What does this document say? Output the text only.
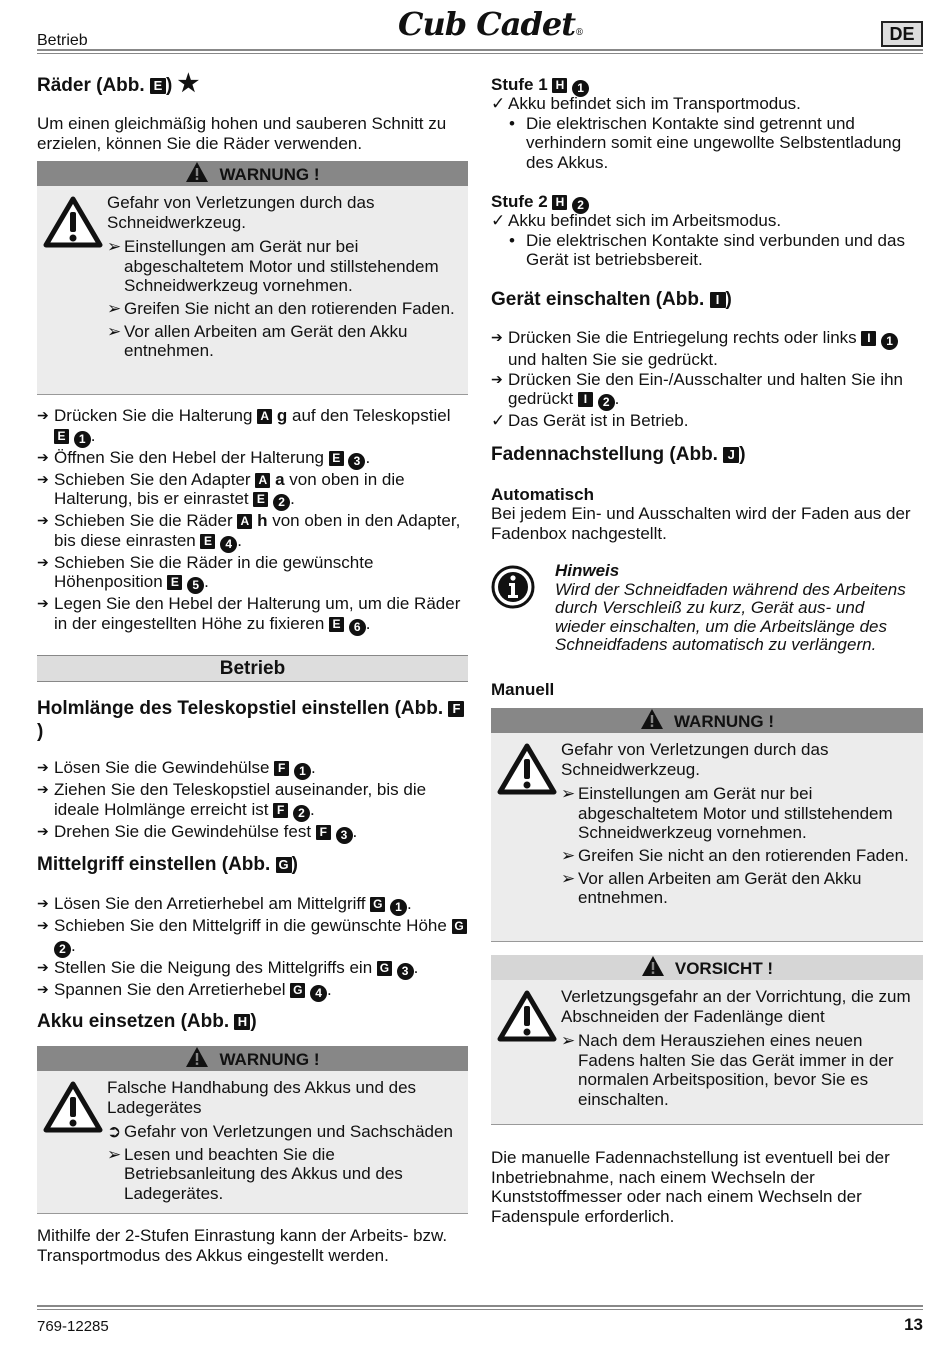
Betrieb	Cub Cadet®	DE
Räder (Abb. E ) ★

Um einen gleichmäßig hohen und sauberen Schnitt zu erzielen, können Sie die Räder verwenden.

WARNUNG !
Gefahr von Verletzungen durch das Schneidwerkzeug.
➢ Einstellungen am Gerät nur bei abgeschaltetem Motor und stillstehendem Schneidwerkzeug vornehmen.
➢ Greifen Sie nicht an den rotierenden Faden.
➢ Vor allen Arbeiten am Gerät den Akku entnehmen.
➔ Drücken Sie die Halterung A g auf den Teleskopstiel E 1 .
➔ Öffnen Sie den Hebel der Halterung E 3 .
➔ Schieben Sie den Adapter A a von oben in die Halterung, bis er einrastet E 2 .
➔ Schieben Sie die Räder A h von oben in den Adapter, bis diese einrasten E 4 .
➔ Schieben Sie die Räder in die gewünschte Höhenposition E 5 .
➔ Legen Sie den Hebel der Halterung um, um die Räder in der eingestellten Höhe zu fixieren E 6 .
Betrieb
Holmlänge des Teleskopstiel einstellen (Abb. F)
➔ Lösen Sie die Gewindehülse F 1 .
➔ Ziehen Sie den Teleskopstiel auseinander, bis die ideale Holmlänge erreicht ist F 2 .
➔ Drehen Sie die Gewindehülse fest F 3 .
Mittelgriff einstellen (Abb. G )
➔ Lösen Sie den Arretierhebel am Mittelgriff G 1 .
➔ Schieben Sie den Mittelgriff in die gewünschte Höhe G 2 .
➔ Stellen Sie die Neigung des Mittelgriffs ein G 3 .
➔ Spannen Sie den Arretierhebel G 4 .
Akku einsetzen (Abb. H )
WARNUNG !
Falsche Handhabung des Akkus und des Ladegerätes
➲ Gefahr von Verletzungen und Sachschäden
➢ Lesen und beachten Sie die Betriebsanleitung des Akkus und des Ladegerätes.

Mithilfe der 2-Stufen Einrastung kann der Arbeits- bzw. Transportmodus des Akkus eingestellt werden.

Stufe 1 H 1
✓ Akku befindet sich im Transportmodus.
• Die elektrischen Kontakte sind getrennt und verhindern somit eine ungewollte Selbstentladung des Akkus.
Stufe 2 H 2
✓ Akku befindet sich im Arbeitsmodus.
• Die elektrischen Kontakte sind verbunden und das Gerät ist betriebsbereit.
Gerät einschalten (Abb. I )
➔ Drücken Sie die Entriegelung rechts oder links I 1 und halten Sie sie gedrückt.
➔ Drücken Sie den Ein-/Ausschalter und halten Sie ihn gedrückt I 2 .
✓ Das Gerät ist in Betrieb.
Fadennachstellung (Abb. J )
Automatisch

Bei jedem Ein- und Ausschalten wird der Faden aus der Fadenbox nachgestellt.

Hinweis
Wird der Schneidfaden während des Arbeitens durch Verschleiß zu kurz, Gerät aus- und wieder einschalten, um die Arbeitslänge des Schneidfadens automatisch zu verlängern.
Manuell
WARNUNG !
Gefahr von Verletzungen durch das Schneidwerkzeug.
➢ Einstellungen am Gerät nur bei abgeschaltetem Motor und stillstehendem Schneidwerkzeug vornehmen.
➢ Greifen Sie nicht an den rotierenden Faden.
➢ Vor allen Arbeiten am Gerät den Akku entnehmen.
VORSICHT !
Verletzungsgefahr an der Vorrichtung, die zum Abschneiden der Fadenlänge dient
➢ Nach dem Herausziehen eines neuen Fadens halten Sie das Gerät immer in der normalen Arbeitsposition, bevor Sie es einschalten.

Die manuelle Fadennachstellung ist eventuell bei der Inbetriebnahme, nach einem Wechseln der Kunststoffmesser oder nach einem Wechseln der Fadenspule erforderlich.

769-12285	13
